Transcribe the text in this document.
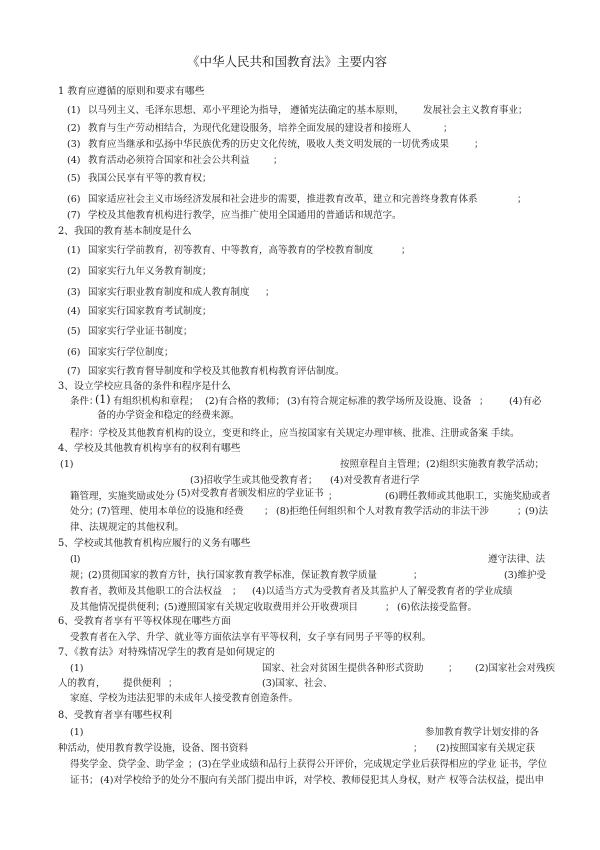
《中华人民共和国教育法》主要内容
1 教育应遵循的原则和要求有哪些
(1) 以马列主义、毛泽东思想、邓小平理论为指导， 遵循宪法确定的基本原则， 发展社会主义教育事业；
(2) 教育与生产劳动相结合，为现代化建设服务，培养全面发展的建设者和接班人	；
(3) 教育应当继承和弘扬中华民族优秀的历史文化传统，吸收人类文明发展的一切优秀成果	；
(4) 教育活动必须符合国家和社会公共利益 ；
(5) 我国公民享有平等的教育权；
(6) 国家适应社会主义市场经济发展和社会进步的需要，推进教育改革，建立和完善终身教育体系	；
(7) 学校及其他教育机构进行教学，应当推广使用全国通用的普通话和规范字。
2、我国的教育基本制度是什么
(1) 国家实行学前教育，初等教育、中等教育，高等教育的学校教育制度	；
(2) 国家实行九年义务教育制度；
(3) 国家实行职业教育制度和成人教育制度 ；
(4) 国家实行国家教育考试制度；
(5) 国家实行学业证书制度；
(6) 国家实行学位制度；
(7) 国家实行教育督导制度和学校及其他教育机构教育评估制度。
3、设立学校应具备的条件和程序是什么
条件：
(1) 有组织机构和章程； (2)有合格的教师； (3)有符合规定标准的教学场所及设施、设备 ； (4)有必
备的办学资金和稳定的经费来源。
程序：学校及其他教育机构的设立，变更和终止，应当按国家有关规定办理审核、批准、注册或备案 手续。
4、学校及其他教育机构享有的权利有哪些
(1)	按照章程自主管理； (2)组织实施教育教学活动；
(3)招收学生或其他受教育者； (4)对受教育者进行学
籍管理，实施奖励或处分 (5)对受教育者颁发相应的学业证书 ；	(6)聘任教师或其他职工，实施奖励或者
处分；
(7)管理、使用本单位的设施和经费 ； (8)拒绝任何组织和个人对教育教学活动的非法干涉	；
(9)法
律、法规规定的其他权利。
5、学校或其他教育机构应履行的义务有哪些
(l)	遵守法律、法
规；
(2)贯彻国家的教育方针，执行国家教育教学标准，保证教育教学质量	；	(3)维护受
教育者，教师及其他职工的合法权益 ； (4)以适当方式为受教育者及其监护人了解受教育者的学业成绩
及其他情况提供便利；
(5)遵照国家有关规定收取费用并公开收费项目	； (6)依法接受监督。
6、受教育者享有平等权体现在哪些方面
受教育者在入学、升学、就业等方面依法享有平等权利，女子享有同男子平等的权利。
7、《教育法》对特殊情况学生的教育是如何规定的
(1)	国家、社会对贫困生提供各种形式资助	； (2)国家社会对残疾
人的教育， 提供便利 ；	(3)国家、社会、
家庭、学校为违法犯罪的未成年人接受教育创造条件。
8、受教育者享有哪些权利
(1)	参加教育教学计划安排的各
种活动，使用教育教学设施，设备、图书资料	； (2)按照国家有关规定获
得奖学金、贷学金、助学金 ； (3)在学业成绩和品行上获得公开评价，完成规定学业后获得相应的学业 证书，学位
证书； (4)对学校给予的处分不服向有关部门提出申诉，对学校、教师侵犯其人身权，财产 权等合法权益，提出申
